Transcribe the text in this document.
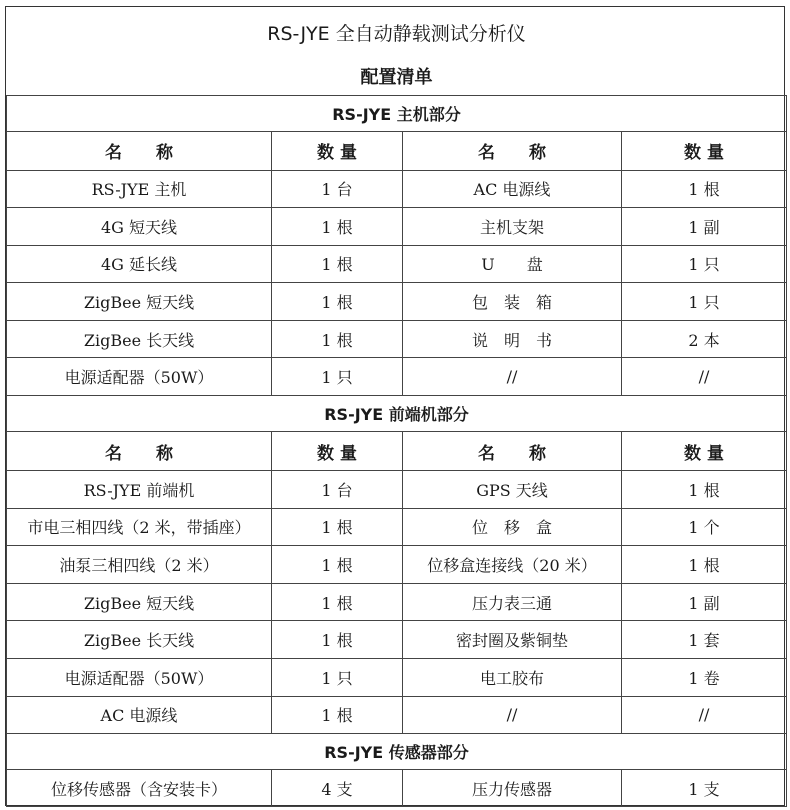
RS-JYE 全自动静载测试分析仪			
配置清单			
RS-JYE 主机部分			
名　　称	数 量	名　　称	数 量
RS-JYE 主机	1 台	AC 电源线	1 根
4G 短天线	1 根	主机支架	1 副
4G 延长线	1 根	U　　盘	1 只
ZigBee 短天线	1 根	包　装　箱	1 只
ZigBee 长天线	1 根	说　明　书	2 本
电源适配器（50W）	1 只	//	//
RS-JYE 前端机部分			
名　　称	数 量	名　　称	数 量
RS-JYE 前端机	1 台	GPS 天线	1 根
市电三相四线（2 米，带插座）	1 根	位　移　盒	1 个
油泵三相四线（2 米）	1 根	位移盒连接线（20 米）	1 根
ZigBee 短天线	1 根	压力表三通	1 副
ZigBee 长天线	1 根	密封圈及紫铜垫	1 套
电源适配器（50W）	1 只	电工胶布	1 卷
AC 电源线	1 根	//	//
RS-JYE 传感器部分			
位移传感器（含安装卡）	4 支	压力传感器	1 支
